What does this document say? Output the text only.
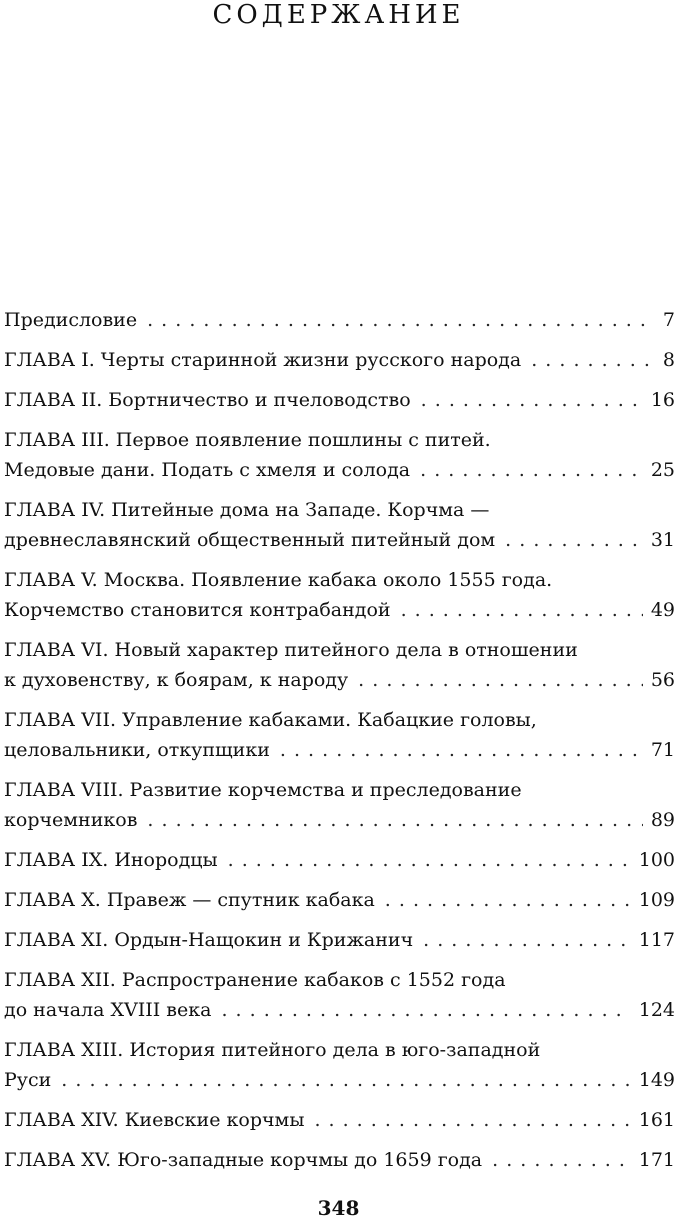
СОДЕРЖАНИЕ
Предисловие . . .	7
ГЛАВА I. Черты старинной жизни русского народа . . .	8
ГЛАВА II. Бортничество и пчеловодство . . .	16
ГЛАВА III. Первое появление пошлины с питей.
Медовые дани. Подать с хмеля и солода . . .	25
ГЛАВА IV. Питейные дома на Западе. Корчма —
древнеславянский общественный питейный дом . . .	31
ГЛАВА V. Москва. Появление кабака около 1555 года.
Корчемство становится контрабандой . . .	49
ГЛАВА VI. Новый характер питейного дела в отношении
к духовенству, к боярам, к народу . . .	56
ГЛАВА VII. Управление кабаками. Кабацкие головы,
целовальники, откупщики . . .	71
ГЛАВА VIII. Развитие корчемства и преследование
корчемников . . .	89
ГЛАВА IX. Инородцы . . .	100
ГЛАВА X. Правеж — спутник кабака . . .	109
ГЛАВА XI. Ордын-Нащокин и Крижанич . . .	117
ГЛАВА XII. Распространение кабаков с 1552 года
до начала XVIII века . . .	124
ГЛАВА XIII. История питейного дела в юго-западной
Руси . . .	149
ГЛАВА XIV. Киевские корчмы . . .	161
ГЛАВА XV. Юго-западные корчмы до 1659 года . . .	171
348
